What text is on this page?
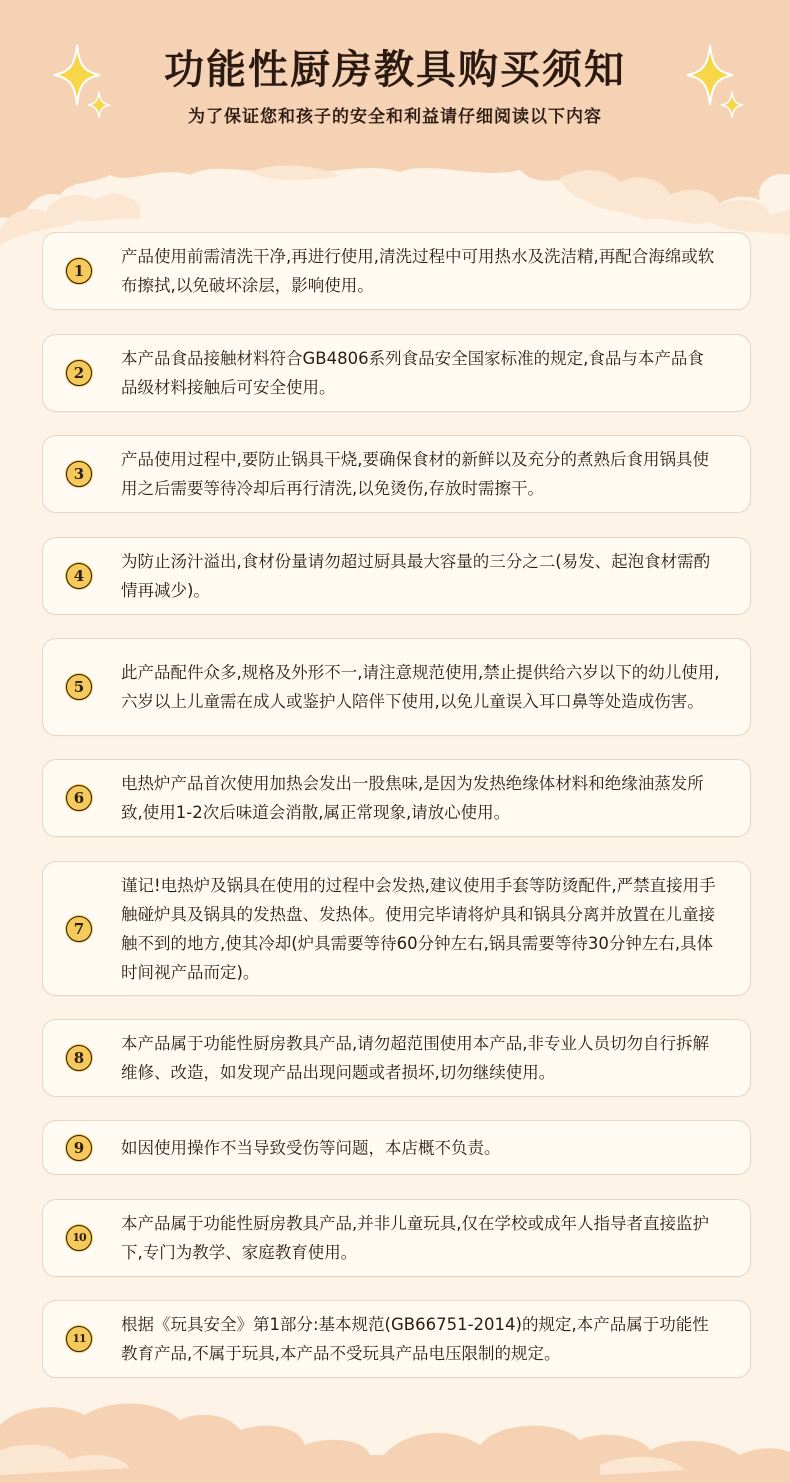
功能性厨房教具购买须知
为了保证您和孩子的安全和利益请仔细阅读以下内容
1
产品使用前需清洗干净,再进行使用,清洗过程中可用热水及洗洁精,再配合海绵或软布擦拭,以免破坏涂层，影响使用。
2
本产品食品接触材料符合GB4806系列食品安全国家标准的规定,食品与本产品食品级材料接触后可安全使用。
3
产品使用过程中,要防止锅具干烧,要确保食材的新鲜以及充分的煮熟后食用锅具使用之后需要等待冷却后再行清洗,以免烫伤,存放时需擦干。
4
为防止汤汁溢出,食材份量请勿超过厨具最大容量的三分之二(易发、起泡食材需酌情再减少)。
5
此产品配件众多,规格及外形不一,请注意规范使用,禁止提供给六岁以下的幼儿使用,六岁以上儿童需在成人或鉴护人陪伴下使用,以免儿童误入耳口鼻等处造成伤害。
6
电热炉产品首次使用加热会发出一股焦味,是因为发热绝缘体材料和绝缘油蒸发所致,使用1-2次后味道会消散,属正常现象,请放心使用。
7
谨记!电热炉及锅具在使用的过程中会发热,建议使用手套等防烫配件,严禁直接用手触碰炉具及锅具的发热盘、发热体。使用完毕请将炉具和锅具分离并放置在儿童接触不到的地方,使其冷却(炉具需要等待60分钟左右,锅具需要等待30分钟左右,具体时间视产品而定)。
8
本产品属于功能性厨房教具产品,请勿超范围使用本产品,非专业人员切勿自行拆解维修、改造，如发现产品出现问题或者损坏,切勿继续使用。
9	如因使用操作不当导致受伤等问题，本店概不负责。
10
本产品属于功能性厨房教具产品,并非儿童玩具,仅在学校或成年人指导者直接监护下,专门为教学、家庭教育使用。
11
根据《玩具安全》第1部分:基本规范(GB66751-2014)的规定,本产品属于功能性教育产品,不属于玩具,本产品不受玩具产品电压限制的规定。
